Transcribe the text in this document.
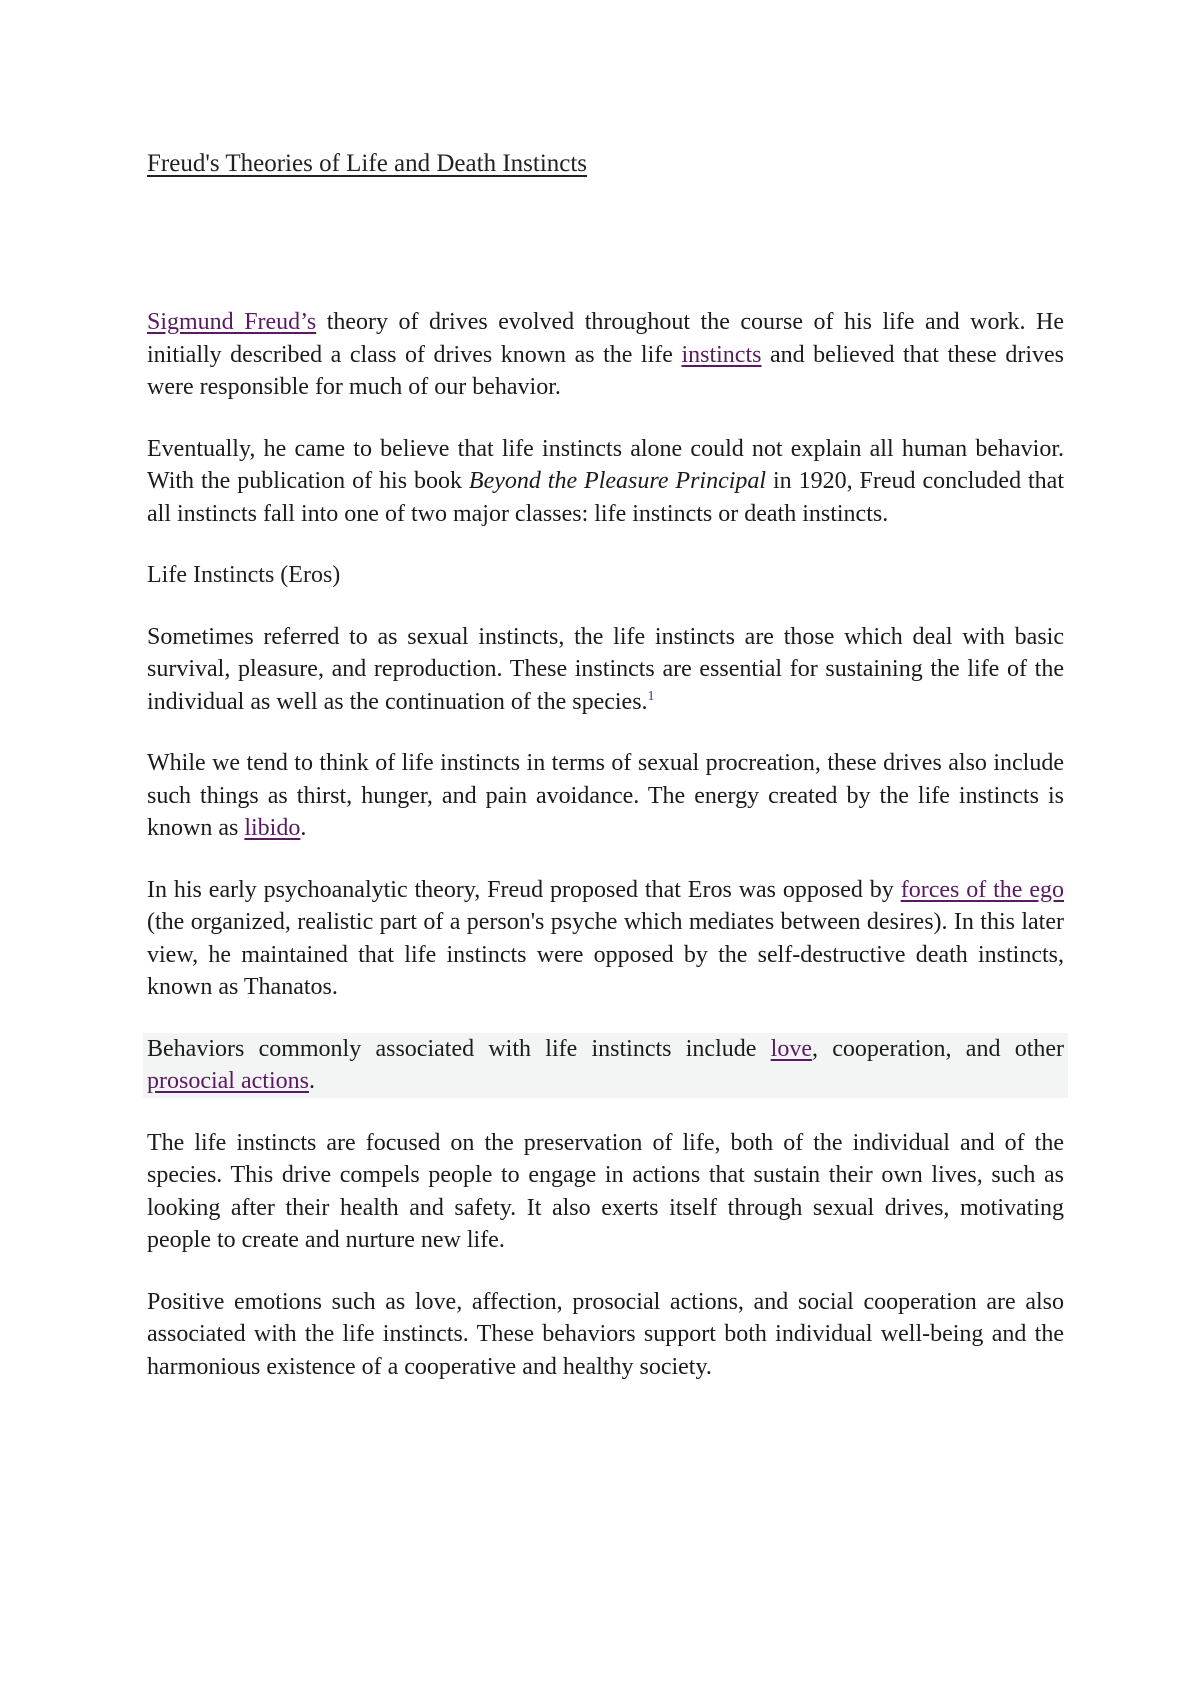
Freud's Theories of Life and Death Instincts

Sigmund Freud’s theory of drives evolved throughout the course of his life and work. He initially described a class of drives known as the life instincts and believed that these drives were responsible for much of our behavior.

Eventually, he came to believe that life instincts alone could not explain all human behavior. With the publication of his book Beyond the Pleasure Principal in 1920, Freud concluded that all instincts fall into one of two major classes: life instincts or death instincts.

Life Instincts (Eros)

Sometimes referred to as sexual instincts, the life instincts are those which deal with basic survival, pleasure, and reproduction. These instincts are essential for sustaining the life of the individual as well as the continuation of the species.$^1$

While we tend to think of life instincts in terms of sexual procreation, these drives also include such things as thirst, hunger, and pain avoidance. The energy created by the life instincts is known as libido.

In his early psychoanalytic theory, Freud proposed that Eros was opposed by forces of the ego (the organized, realistic part of a person's psyche which mediates between desires). In this later view, he maintained that life instincts were opposed by the self-destructive death instincts, known as Thanatos.

Behaviors commonly associated with life instincts include love, cooperation, and other prosocial actions.

The life instincts are focused on the preservation of life, both of the individual and of the species. This drive compels people to engage in actions that sustain their own lives, such as looking after their health and safety. It also exerts itself through sexual drives, motivating people to create and nurture new life.

Positive emotions such as love, affection, prosocial actions, and social cooperation are also associated with the life instincts. These behaviors support both individual well-being and the harmonious existence of a cooperative and healthy society.
